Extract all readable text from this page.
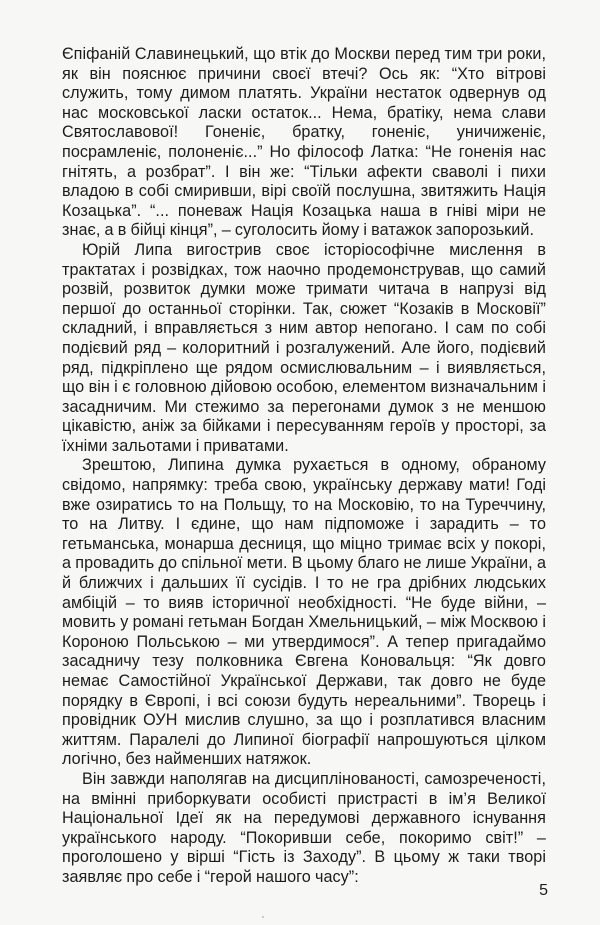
Єпіфаній Славинецький, що втік до Москви перед тим три роки, як він пояснює причини своєї втечі? Ось як: “Хто вітрові служить, тому димом платять. України нестаток одвернув од нас московської ласки остаток... Нема, братіку, нема слави Святославової! Гоненіє, братку, гоненіє, уничиженіє, посрамленіє, полоненіє...” Но філософ Латка: “Не гоненія нас гнітять, а розбрат”. І він же: “Тільки афекти сваволі і пихи владою в собі смиривши, вірі своїй послушна, звитяжить Нація Козацька”. “... поневаж Нація Козацька наша в гніві міри не знає, а в бійці кінця”, – суголосить йому і ватажок запорозький.

Юрій Липа вигострив своє історіософічне мислення в трактатах і розвідках, тож наочно продемонстрував, що самий розвій, розвиток думки може тримати читача в напрузі від першої до останньої сторінки. Так, сюжет “Козаків в Московії” складний, і вправляється з ним автор непогано. І сам по собі подієвий ряд – колоритний і розгалужений. Але його, подієвий ряд, підкріплено ще рядом осмислювальним – і виявляється, що він і є головною дійовою особою, елементом визначальним і засадничим. Ми стежимо за перегонами думок з не меншою цікавістю, аніж за бійками і пересуванням героїв у просторі, за їхніми зальотами і приватами.

Зрештою, Липина думка рухається в одному, обраному свідомо, напрямку: треба свою, українську державу мати! Годі вже озиратись то на Польщу, то на Московію, то на Туреччину, то на Литву. І єдине, що нам підпоможе і зарадить – то гетьманська, монарша десниця, що міцно тримає всіх у покорі, а провадить до спільної мети. В цьому благо не лише України, а й ближчих і дальших її сусідів. І то не гра дрібних людських амбіцій – то вияв історичної необхідності. “Не буде війни, – мовить у романі гетьман Богдан Хмельницький, – між Москвою і Короною Польською – ми утвердимося”. А тепер пригадаймо засадничу тезу полковника Євгена Коновальця: “Як довго немає Самостійної Української Держави, так довго не буде порядку в Європі, і всі союзи будуть нереальними”. Творець і провідник ОУН мислив слушно, за що і розплатився власним життям. Паралелі до Липиної біографії напрошуються цілком логічно, без найменших натяжок.

Він завжди наполягав на дисциплінованості, самозреченості, на вмінні приборкувати особисті пристрасті в ім’я Великої Національної Ідеї як на передумові державного існування українського народу. “Покоривши себе, покоримо світ!” – проголошено у вірші “Гість із Заходу”. В цьому ж таки творі заявляє про себе і “герой нашого часу”:

5
